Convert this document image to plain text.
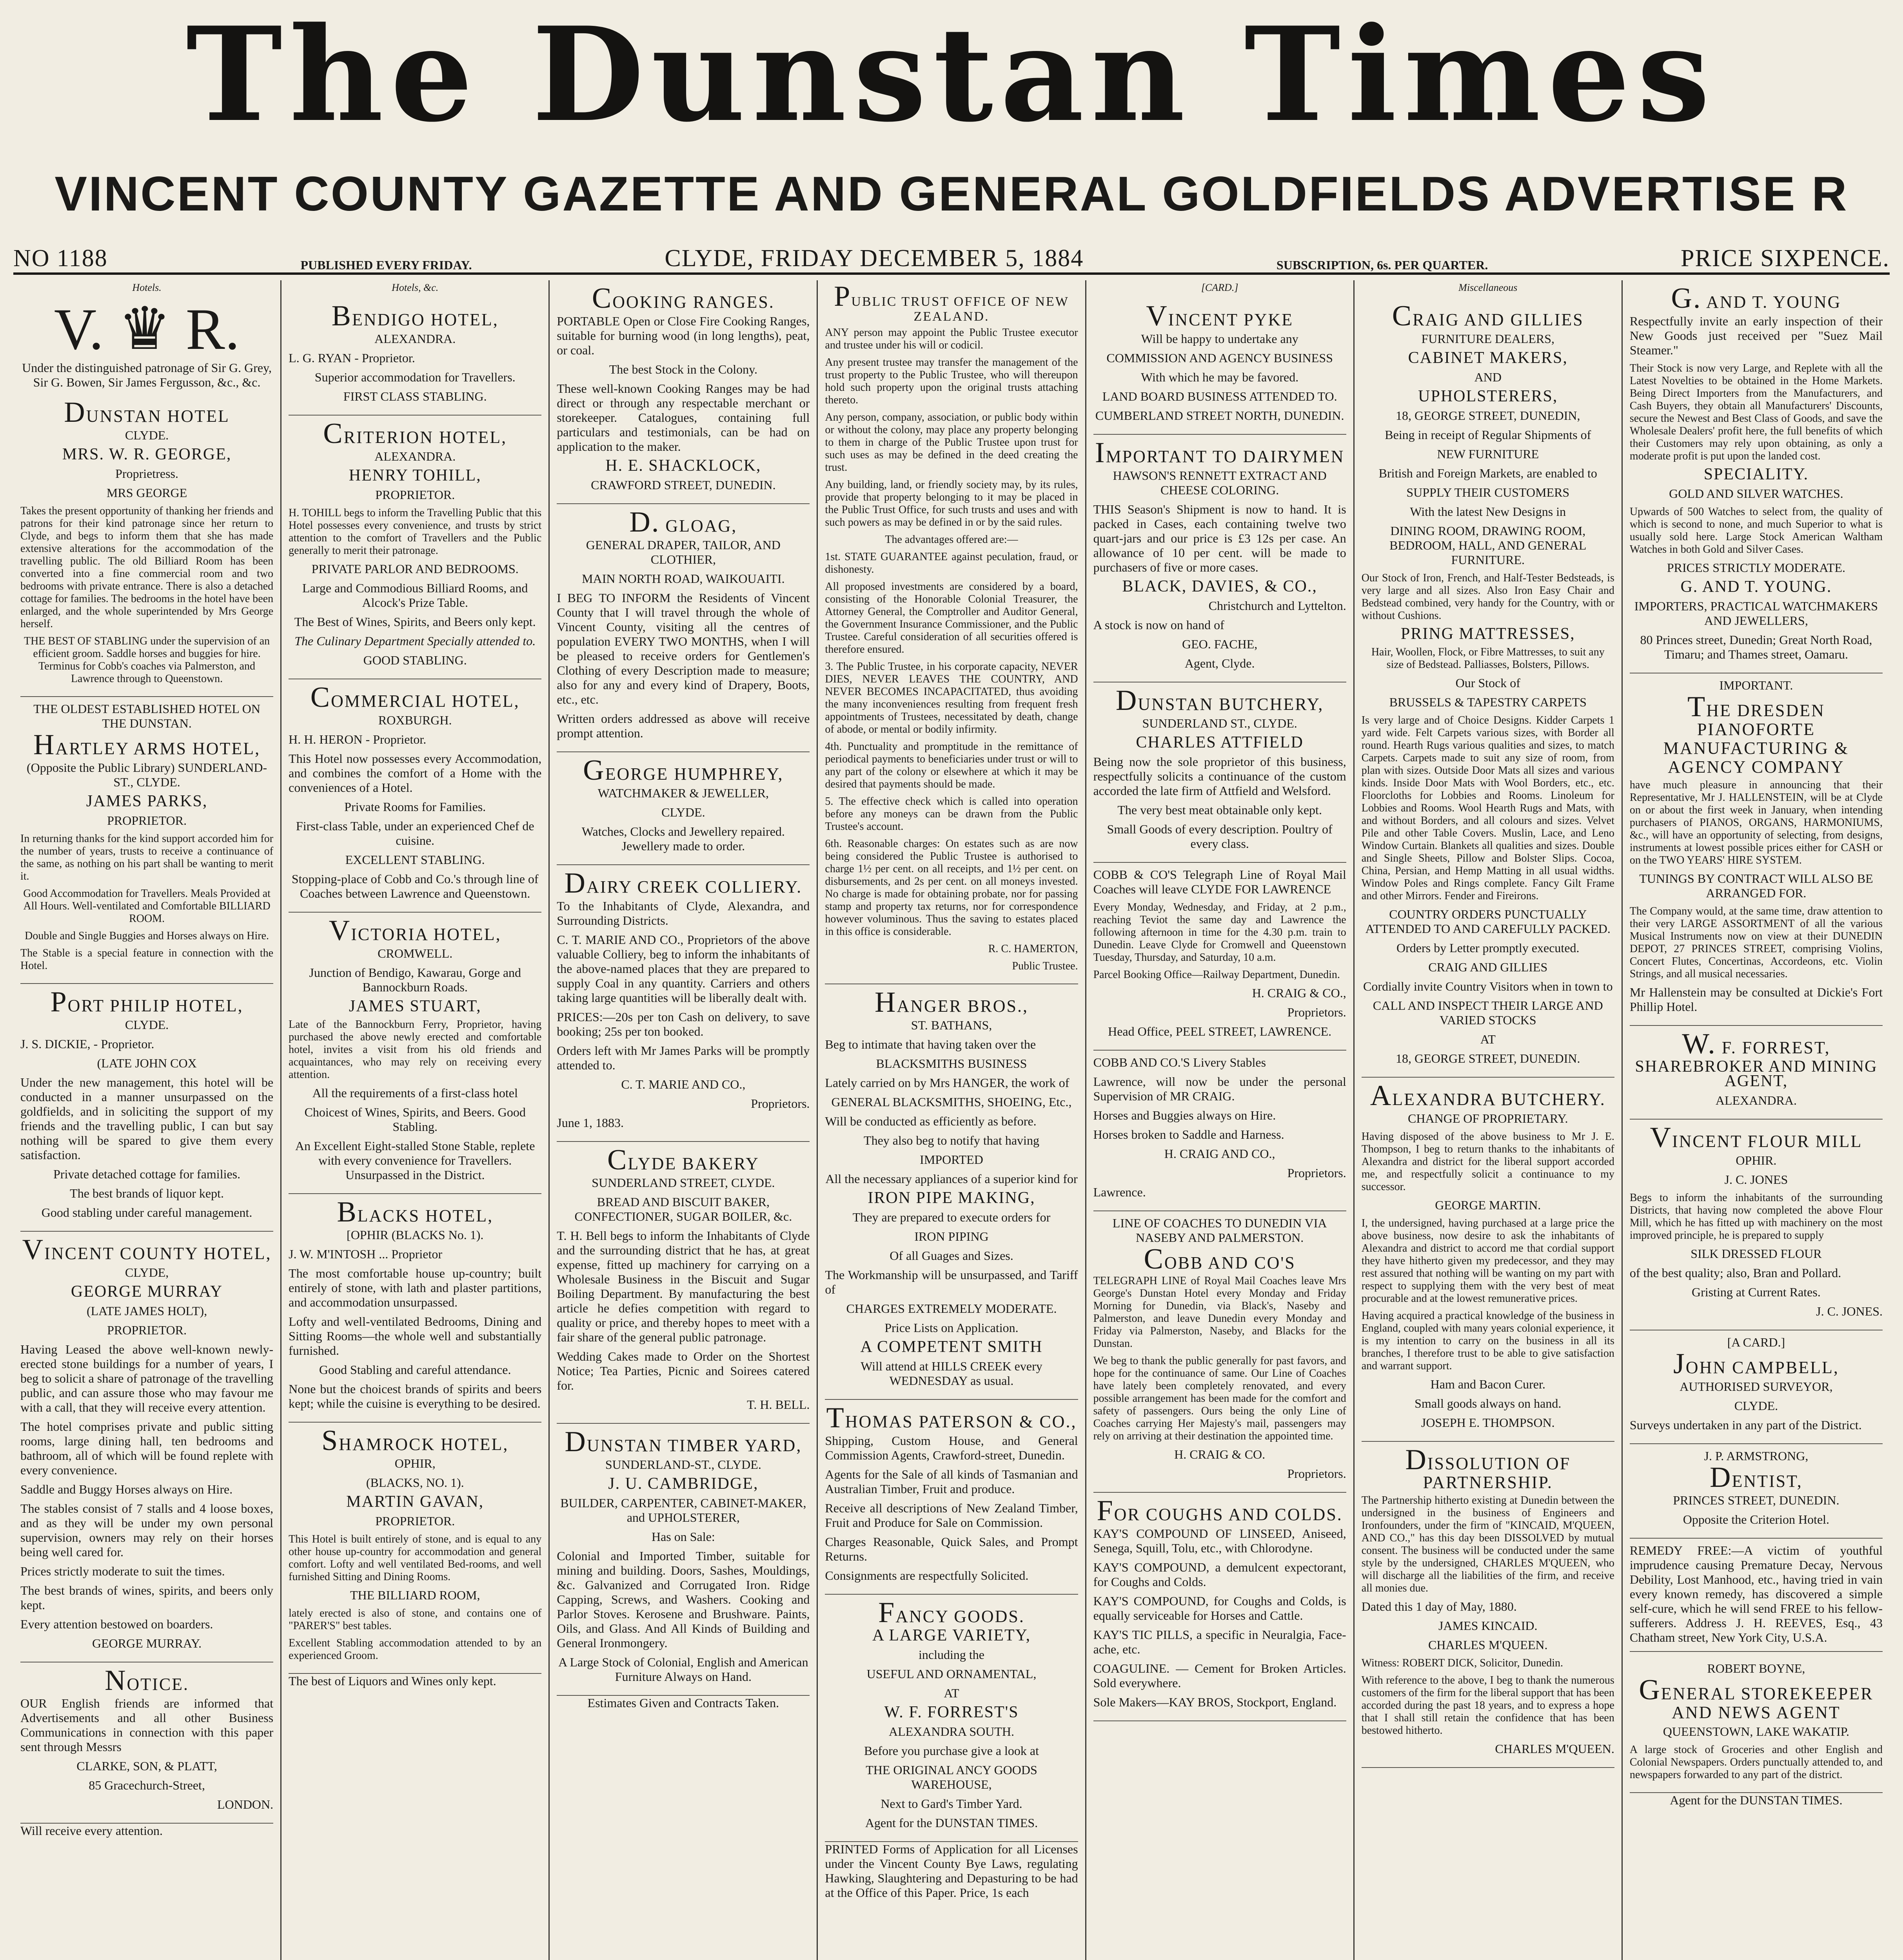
The Dunstan Times
VINCENT COUNTY GAZETTE AND GENERAL GOLDFIELDS ADVERTISE R
NO 1188	PUBLISHED EVERY FRIDAY.	CLYDE, FRIDAY DECEMBER 5, 1884	SUBSCRIPTION, 6s. PER QUARTER.	PRICE SIXPENCE.
Hotels.
V. ♛ R.

Under the distinguished patronage of Sir G. Grey, Sir G. Bowen, Sir James Fergusson, &c., &c.

DUNSTAN HOTEL

CLYDE.

MRS. W. R. GEORGE,

Proprietress.

MRS GEORGE

Takes the present opportunity of thanking her friends and patrons for their kind patronage since her return to Clyde, and begs to inform them that she has made extensive alterations for the accommodation of the travelling public. The old Billiard Room has been converted into a fine commercial room and two bedrooms with private entrance. There is also a detached cottage for families. The bedrooms in the hotel have been enlarged, and the whole superintended by Mrs George herself.

THE BEST OF STABLING under the supervision of an efficient groom. Saddle horses and buggies for hire. Terminus for Cobb's coaches via Palmerston, and Lawrence through to Queenstown.

THE OLDEST ESTABLISHED HOTEL ON THE DUNSTAN.

HARTLEY ARMS HOTEL,

(Opposite the Public Library) SUNDERLAND-ST., CLYDE.

JAMES PARKS,

PROPRIETOR.

In returning thanks for the kind support accorded him for the number of years, trusts to receive a continuance of the same, as nothing on his part shall be wanting to merit it.

Good Accommodation for Travellers. Meals Provided at All Hours. Well-ventilated and Comfortable BILLIARD ROOM.

Double and Single Buggies and Horses always on Hire.

The Stable is a special feature in connection with the Hotel.

PORT PHILIP HOTEL,

CLYDE.

J. S. DICKIE, - Proprietor.

(LATE JOHN COX

Under the new management, this hotel will be conducted in a manner unsurpassed on the goldfields, and in soliciting the support of my friends and the travelling public, I can but say nothing will be spared to give them every satisfaction.

Private detached cottage for families.

The best brands of liquor kept.

Good stabling under careful management.

VINCENT COUNTY HOTEL,

CLYDE,

GEORGE MURRAY

(LATE JAMES HOLT),

PROPRIETOR.

Having Leased the above well-known newly-erected stone buildings for a number of years, I beg to solicit a share of patronage of the travelling public, and can assure those who may favour me with a call, that they will receive every attention.

The hotel comprises private and public sitting rooms, large dining hall, ten bedrooms and bathroom, all of which will be found replete with every convenience.

Saddle and Buggy Horses always on Hire.

The stables consist of 7 stalls and 4 loose boxes, and as they will be under my own personal supervision, owners may rely on their horses being well cared for.

Prices strictly moderate to suit the times.

The best brands of wines, spirits, and beers only kept.

Every attention bestowed on boarders.

GEORGE MURRAY.

NOTICE.

OUR English friends are informed that Advertisements and all other Business Communications in connection with this paper sent through Messrs

CLARKE, SON, & PLATT,

85 Gracechurch-Street,

LONDON.

Will receive every attention.

Hotels, &c.
BENDIGO HOTEL,

ALEXANDRA.

L. G. RYAN - Proprietor.

Superior accommodation for Travellers.

FIRST CLASS STABLING.

CRITERION HOTEL,

ALEXANDRA.

HENRY TOHILL,

PROPRIETOR.

H. TOHILL begs to inform the Travelling Public that this Hotel possesses every convenience, and trusts by strict attention to the comfort of Travellers and the Public generally to merit their patronage.

PRIVATE PARLOR AND BEDROOMS.

Large and Commodious Billiard Rooms, and Alcock's Prize Table.

The Best of Wines, Spirits, and Beers only kept.

The Culinary Department Specially attended to.

GOOD STABLING.

COMMERCIAL HOTEL,

ROXBURGH.

H. H. HERON - Proprietor.

This Hotel now possesses every Accommodation, and combines the comfort of a Home with the conveniences of a Hotel.

Private Rooms for Families.

First-class Table, under an experienced Chef de cuisine.

EXCELLENT STABLING.

Stopping-place of Cobb and Co.'s through line of Coaches between Lawrence and Queenstown.

VICTORIA HOTEL,

CROMWELL.

Junction of Bendigo, Kawarau, Gorge and Bannockburn Roads.

JAMES STUART,

Late of the Bannockburn Ferry, Proprietor, having purchased the above newly erected and comfortable hotel, invites a visit from his old friends and acquaintances, who may rely on receiving every attention.

All the requirements of a first-class hotel

Choicest of Wines, Spirits, and Beers. Good Stabling.

An Excellent Eight-stalled Stone Stable, replete with every convenience for Travellers. Unsurpassed in the District.

BLACKS HOTEL,

[OPHIR (BLACKS No. 1).

J. W. M'INTOSH ... Proprietor

The most comfortable house up-country; built entirely of stone, with lath and plaster partitions, and accommodation unsurpassed.

Lofty and well-ventilated Bedrooms, Dining and Sitting Rooms—the whole well and substantially furnished.

Good Stabling and careful attendance.

None but the choicest brands of spirits and beers kept; while the cuisine is everything to be desired.

SHAMROCK HOTEL,

OPHIR,

(BLACKS, NO. 1).

MARTIN GAVAN,

PROPRIETOR.

This Hotel is built entirely of stone, and is equal to any other house up-country for accommodation and general comfort. Lofty and well ventilated Bed-rooms, and well furnished Sitting and Dining Rooms.

THE BILLIARD ROOM,

lately erected is also of stone, and contains one of "PARER'S" best tables.

Excellent Stabling accommodation attended to by an experienced Groom.

The best of Liquors and Wines only kept.

COOKING RANGES.

PORTABLE Open or Close Fire Cooking Ranges, suitable for burning wood (in long lengths), peat, or coal.

The best Stock in the Colony.

These well-known Cooking Ranges may be had direct or through any respectable merchant or storekeeper. Catalogues, containing full particulars and testimonials, can be had on application to the maker.

H. E. SHACKLOCK,

CRAWFORD STREET, DUNEDIN.

D. GLOAG,

GENERAL DRAPER, TAILOR, AND CLOTHIER,

MAIN NORTH ROAD, WAIKOUAITI.

I BEG TO INFORM the Residents of Vincent County that I will travel through the whole of Vincent County, visiting all the centres of population EVERY TWO MONTHS, when I will be pleased to receive orders for Gentlemen's Clothing of every Description made to measure; also for any and every kind of Drapery, Boots, etc., etc.

Written orders addressed as above will receive prompt attention.

GEORGE HUMPHREY,

WATCHMAKER & JEWELLER,

CLYDE.

Watches, Clocks and Jewellery repaired. Jewellery made to order.

DAIRY CREEK COLLIERY.

To the Inhabitants of Clyde, Alexandra, and Surrounding Districts.

C. T. MARIE AND CO., Proprietors of the above valuable Colliery, beg to inform the inhabitants of the above-named places that they are prepared to supply Coal in any quantity. Carriers and others taking large quantities will be liberally dealt with.

PRICES:—20s per ton Cash on delivery, to save booking; 25s per ton booked.

Orders left with Mr James Parks will be promptly attended to.

C. T. MARIE AND CO.,

Proprietors.

June 1, 1883.

CLYDE BAKERY

SUNDERLAND STREET, CLYDE.

BREAD AND BISCUIT BAKER, CONFECTIONER, SUGAR BOILER, &c.

T. H. Bell begs to inform the Inhabitants of Clyde and the surrounding district that he has, at great expense, fitted up machinery for carrying on a Wholesale Business in the Biscuit and Sugar Boiling Department. By manufacturing the best article he defies competition with regard to quality or price, and thereby hopes to meet with a fair share of the general public patronage.

Wedding Cakes made to Order on the Shortest Notice; Tea Parties, Picnic and Soirees catered for.

T. H. BELL.

DUNSTAN TIMBER YARD,

SUNDERLAND-ST., CLYDE.

J. U. CAMBRIDGE,

BUILDER, CARPENTER, CABINET-MAKER, and UPHOLSTERER,

Has on Sale:

Colonial and Imported Timber, suitable for mining and building. Doors, Sashes, Mouldings, &c. Galvanized and Corrugated Iron. Ridge Capping, Screws, and Washers. Cooking and Parlor Stoves. Kerosene and Brushware. Paints, Oils, and Glass. And All Kinds of Building and General Ironmongery.

A Large Stock of Colonial, English and American Furniture Always on Hand.

Estimates Given and Contracts Taken.

PUBLIC TRUST OFFICE OF NEW ZEALAND.

ANY person may appoint the Public Trustee executor and trustee under his will or codicil.

Any present trustee may transfer the management of the trust property to the Public Trustee, who will thereupon hold such property upon the original trusts attaching thereto.

Any person, company, association, or public body within or without the colony, may place any property belonging to them in charge of the Public Trustee upon trust for such uses as may be defined in the deed creating the trust.

Any building, land, or friendly society may, by its rules, provide that property belonging to it may be placed in the Public Trust Office, for such trusts and uses and with such powers as may be defined in or by the said rules.

The advantages offered are:—

1st. STATE GUARANTEE against peculation, fraud, or dishonesty.

All proposed investments are considered by a board, consisting of the Honorable Colonial Treasurer, the Attorney General, the Comptroller and Auditor General, the Government Insurance Commissioner, and the Public Trustee. Careful consideration of all securities offered is therefore ensured.

3. The Public Trustee, in his corporate capacity, NEVER DIES, NEVER LEAVES THE COUNTRY, AND NEVER BECOMES INCAPACITATED, thus avoiding the many inconveniences resulting from frequent fresh appointments of Trustees, necessitated by death, change of abode, or mental or bodily infirmity.

4th. Punctuality and promptitude in the remittance of periodical payments to beneficiaries under trust or will to any part of the colony or elsewhere at which it may be desired that payments should be made.

5. The effective check which is called into operation before any moneys can be drawn from the Public Trustee's account.

6th. Reasonable charges: On estates such as are now being considered the Public Trustee is authorised to charge 1½ per cent. on all receipts, and 1½ per cent. on disbursements, and 2s per cent. on all moneys invested. No charge is made for obtaining probate, nor for passing stamp and property tax returns, nor for correspondence however voluminous. Thus the saving to estates placed in this office is considerable.

R. C. HAMERTON,

Public Trustee.

HANGER BROS.,

ST. BATHANS,

Beg to intimate that having taken over the

BLACKSMITHS BUSINESS

Lately carried on by Mrs HANGER, the work of

GENERAL BLACKSMITHS, SHOEING, Etc.,

Will be conducted as efficiently as before.

They also beg to notify that having

IMPORTED

All the necessary appliances of a superior kind for

IRON PIPE MAKING,

They are prepared to execute orders for

IRON PIPING

Of all Guages and Sizes.

The Workmanship will be unsurpassed, and Tariff of

CHARGES EXTREMELY MODERATE.

Price Lists on Application.

A COMPETENT SMITH

Will attend at HILLS CREEK every WEDNESDAY as usual.

THOMAS PATERSON & CO.,

Shipping, Custom House, and General Commission Agents, Crawford-street, Dunedin.

Agents for the Sale of all kinds of Tasmanian and Australian Timber, Fruit and produce.

Receive all descriptions of New Zealand Timber, Fruit and Produce for Sale on Commission.

Charges Reasonable, Quick Sales, and Prompt Returns.

Consignments are respectfully Solicited.

FANCY GOODS.

A LARGE VARIETY,

including the

USEFUL AND ORNAMENTAL,

AT

W. F. FORREST'S

ALEXANDRA SOUTH.

Before you purchase give a look at

THE ORIGINAL ANCY GOODS WAREHOUSE,

Next to Gard's Timber Yard.

Agent for the DUNSTAN TIMES.

PRINTED Forms of Application for all Licenses under the Vincent County Bye Laws, regulating Hawking, Slaughtering and Depasturing to be had at the Office of this Paper. Price, 1s each

[CARD.]
VINCENT PYKE

Will be happy to undertake any

COMMISSION AND AGENCY BUSINESS

With which he may be favored.

LAND BOARD BUSINESS ATTENDED TO.

CUMBERLAND STREET NORTH, DUNEDIN.

IMPORTANT TO DAIRYMEN

HAWSON'S RENNETT EXTRACT AND CHEESE COLORING.

THIS Season's Shipment is now to hand. It is packed in Cases, each containing twelve two quart-jars and our price is £3 12s per case. An allowance of 10 per cent. will be made to purchasers of five or more cases.

BLACK, DAVIES, & CO.,

Christchurch and Lyttelton.

A stock is now on hand of

GEO. FACHE,

Agent, Clyde.

DUNSTAN BUTCHERY,

SUNDERLAND ST., CLYDE.

CHARLES ATTFIELD

Being now the sole proprietor of this business, respectfully solicits a continuance of the custom accorded the late firm of Attfield and Welsford.

The very best meat obtainable only kept.

Small Goods of every description. Poultry of every class.

COBB & CO'S Telegraph Line of Royal Mail Coaches will leave CLYDE FOR LAWRENCE

Every Monday, Wednesday, and Friday, at 2 p.m., reaching Teviot the same day and Lawrence the following afternoon in time for the 4.30 p.m. train to Dunedin. Leave Clyde for Cromwell and Queenstown Tuesday, Thursday, and Saturday, 10 a.m.

Parcel Booking Office—Railway Department, Dunedin.

H. CRAIG & CO.,

Proprietors.

Head Office, PEEL STREET, LAWRENCE.

COBB AND CO.'S Livery Stables

Lawrence, will now be under the personal Supervision of MR CRAIG.

Horses and Buggies always on Hire.

Horses broken to Saddle and Harness.

H. CRAIG AND CO.,

Proprietors.

Lawrence.

LINE OF COACHES TO DUNEDIN VIA NASEBY AND PALMERSTON.

COBB AND CO'S

TELEGRAPH LINE of Royal Mail Coaches leave Mrs George's Dunstan Hotel every Monday and Friday Morning for Dunedin, via Black's, Naseby and Palmerston, and leave Dunedin every Monday and Friday via Palmerston, Naseby, and Blacks for the Dunstan.

We beg to thank the public generally for past favors, and hope for the continuance of same. Our Line of Coaches have lately been completely renovated, and every possible arrangement has been made for the comfort and safety of passengers. Ours being the only Line of Coaches carrying Her Majesty's mail, passengers may rely on arriving at their destination the appointed time.

H. CRAIG & CO.

Proprietors.

FOR COUGHS AND COLDS.

KAY'S COMPOUND OF LINSEED, Aniseed, Senega, Squill, Tolu, etc., with Chlorodyne.

KAY'S COMPOUND, a demulcent expectorant, for Coughs and Colds.

KAY'S COMPOUND, for Coughs and Colds, is equally serviceable for Horses and Cattle.

KAY'S TIC PILLS, a specific in Neuralgia, Face-ache, etc.

COAGULINE. — Cement for Broken Articles. Sold everywhere.

Sole Makers—KAY BROS, Stockport, England.

Miscellaneous
CRAIG AND GILLIES

FURNITURE DEALERS,

CABINET MAKERS,

AND

UPHOLSTERERS,

18, GEORGE STREET, DUNEDIN,

Being in receipt of Regular Shipments of

NEW FURNITURE

British and Foreign Markets, are enabled to

SUPPLY THEIR CUSTOMERS

With the latest New Designs in

DINING ROOM, DRAWING ROOM, BEDROOM, HALL, AND GENERAL FURNITURE.

Our Stock of Iron, French, and Half-Tester Bedsteads, is very large and all sizes. Also Iron Easy Chair and Bedstead combined, very handy for the Country, with or without Cushions.

PRING MATTRESSES,

Hair, Woollen, Flock, or Fibre Mattresses, to suit any size of Bedstead. Palliasses, Bolsters, Pillows.

Our Stock of

BRUSSELS & TAPESTRY CARPETS

Is very large and of Choice Designs. Kidder Carpets 1 yard wide. Felt Carpets various sizes, with Border all round. Hearth Rugs various qualities and sizes, to match Carpets. Carpets made to suit any size of room, from plan with sizes. Outside Door Mats all sizes and various kinds. Inside Door Mats with Wool Borders, etc., etc. Floorcloths for Lobbies and Rooms. Linoleum for Lobbies and Rooms. Wool Hearth Rugs and Mats, with and without Borders, and all colours and sizes. Velvet Pile and other Table Covers. Muslin, Lace, and Leno Window Curtain. Blankets all qualities and sizes. Double and Single Sheets, Pillow and Bolster Slips. Cocoa, China, Persian, and Hemp Matting in all usual widths. Window Poles and Rings complete. Fancy Gilt Frame and other Mirrors. Fender and Fireirons.

COUNTRY ORDERS PUNCTUALLY ATTENDED TO AND CAREFULLY PACKED.

Orders by Letter promptly executed.

CRAIG AND GILLIES

Cordially invite Country Visitors when in town to

CALL AND INSPECT THEIR LARGE AND VARIED STOCKS

AT

18, GEORGE STREET, DUNEDIN.

ALEXANDRA BUTCHERY.

CHANGE OF PROPRIETARY.

Having disposed of the above business to Mr J. E. Thompson, I beg to return thanks to the inhabitants of Alexandra and district for the liberal support accorded me, and respectfully solicit a continuance to my successor.

GEORGE MARTIN.

I, the undersigned, having purchased at a large price the above business, now desire to ask the inhabitants of Alexandra and district to accord me that cordial support they have hitherto given my predecessor, and they may rest assured that nothing will be wanting on my part with respect to supplying them with the very best of meat procurable and at the lowest remunerative prices.

Having acquired a practical knowledge of the business in England, coupled with many years colonial experience, it is my intention to carry on the business in all its branches, I therefore trust to be able to give satisfaction and warrant support.

Ham and Bacon Curer.

Small goods always on hand.

JOSEPH E. THOMPSON.

DISSOLUTION OF PARTNERSHIP.

The Partnership hitherto existing at Dunedin between the undersigned in the business of Engineers and Ironfounders, under the firm of "KINCAID, M'QUEEN, AND CO.," has this day been DISSOLVED by mutual consent. The business will be conducted under the same style by the undersigned, CHARLES M'QUEEN, who will discharge all the liabilities of the firm, and receive all monies due.

Dated this 1 day of May, 1880.

JAMES KINCAID.

CHARLES M'QUEEN.

Witness: ROBERT DICK, Solicitor, Dunedin.

With reference to the above, I beg to thank the numerous customers of the firm for the liberal support that has been accorded during the past 18 years, and to express a hope that I shall still retain the confidence that has been bestowed hitherto.

CHARLES M'QUEEN.

G. AND T. YOUNG

Respectfully invite an early inspection of their New Goods just received per "Suez Mail Steamer."

Their Stock is now very Large, and Replete with all the Latest Novelties to be obtained in the Home Markets. Being Direct Importers from the Manufacturers, and Cash Buyers, they obtain all Manufacturers' Discounts, secure the Newest and Best Class of Goods, and save the Wholesale Dealers' profit here, the full benefits of which their Customers may rely upon obtaining, as only a moderate profit is put upon the landed cost.

SPECIALITY.

GOLD AND SILVER WATCHES.

Upwards of 500 Watches to select from, the quality of which is second to none, and much Superior to what is usually sold here. Large Stock American Waltham Watches in both Gold and Silver Cases.

PRICES STRICTLY MODERATE.

G. AND T. YOUNG.

IMPORTERS, PRACTICAL WATCHMAKERS AND JEWELLERS,

80 Princes street, Dunedin; Great North Road, Timaru; and Thames street, Oamaru.

IMPORTANT.

THE DRESDEN PIANOFORTE MANUFACTURING & AGENCY COMPANY

have much pleasure in announcing that their Representative, Mr J. HALLENSTEIN, will be at Clyde on or about the first week in January, when intending purchasers of PIANOS, ORGANS, HARMONIUMS, &c., will have an opportunity of selecting, from designs, instruments at lowest possible prices either for CASH or on the TWO YEARS' HIRE SYSTEM.

TUNINGS BY CONTRACT WILL ALSO BE ARRANGED FOR.

The Company would, at the same time, draw attention to their very LARGE ASSORTMENT of all the various Musical Instruments now on view at their DUNEDIN DEPOT, 27 PRINCES STREET, comprising Violins, Concert Flutes, Concertinas, Accordeons, etc. Violin Strings, and all musical necessaries.

Mr Hallenstein may be consulted at Dickie's Fort Phillip Hotel.

W. F. FORREST,

SHAREBROKER AND MINING AGENT,

ALEXANDRA.

VINCENT FLOUR MILL

OPHIR.

J. C. JONES

Begs to inform the inhabitants of the surrounding Districts, that having now completed the above Flour Mill, which he has fitted up with machinery on the most improved principle, he is prepared to supply

SILK DRESSED FLOUR

of the best quality; also, Bran and Pollard.

Gristing at Current Rates.

J. C. JONES.

[A CARD.]

JOHN CAMPBELL,

AUTHORISED SURVEYOR,

CLYDE.

Surveys undertaken in any part of the District.

J. P. ARMSTRONG,

DENTIST,

PRINCES STREET, DUNEDIN.

Opposite the Criterion Hotel.

REMEDY FREE:—A victim of youthful imprudence causing Premature Decay, Nervous Debility, Lost Manhood, etc., having tried in vain every known remedy, has discovered a simple self-cure, which he will send FREE to his fellow-sufferers. Address J. H. REEVES, Esq., 43 Chatham street, New York City, U.S.A.

ROBERT BOYNE,

GENERAL STOREKEEPER AND NEWS AGENT

QUEENSTOWN, LAKE WAKATIP.

A large stock of Groceries and other English and Colonial Newspapers. Orders punctually attended to, and newspapers forwarded to any part of the district.

Agent for the DUNSTAN TIMES.
